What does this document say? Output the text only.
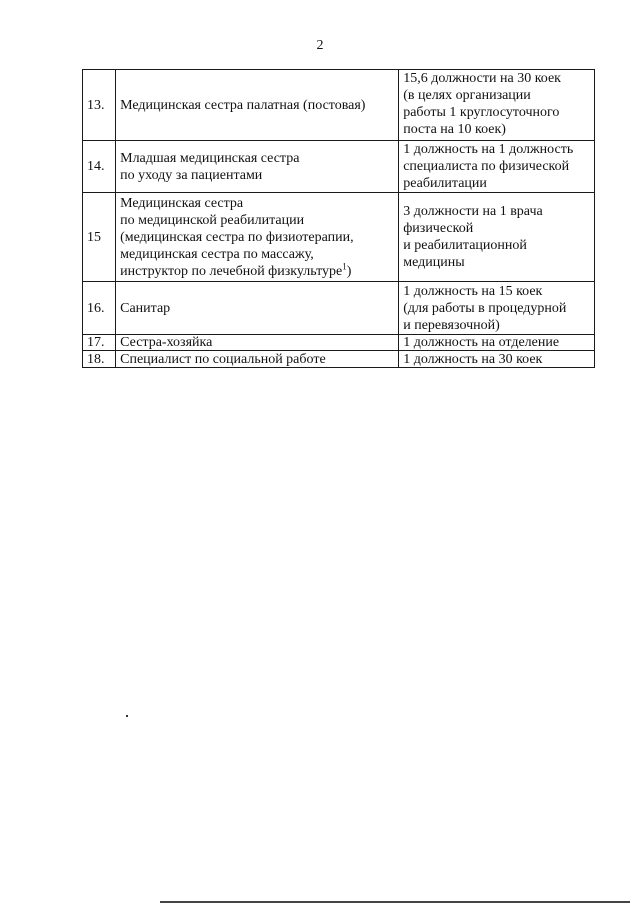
2
13.	Медицинская сестра палатная (постовая)	15,6 должности на 30 коек
(в целях организации
работы 1 круглосуточного
поста на 10 коек)

14.	Младшая медицинская сестра
по уходу за пациентами	1 должность на 1 должность
специалиста по физической
реабилитации

15	Медицинская сестра
по медицинской реабилитации
(медицинская сестра по физиотерапии,
медицинская сестра по массажу,
инструктор по лечебной физкультуре$^1$)	3 должности на 1 врача
физической
и реабилитационной
медицины

16.	Санитар	1 должность на 15 коек
(для работы в процедурной
и перевязочной)

17.	Сестра-хозяйка	1 должность на отделение

18.	Специалист по социальной работе	1 должность на 30 коек
